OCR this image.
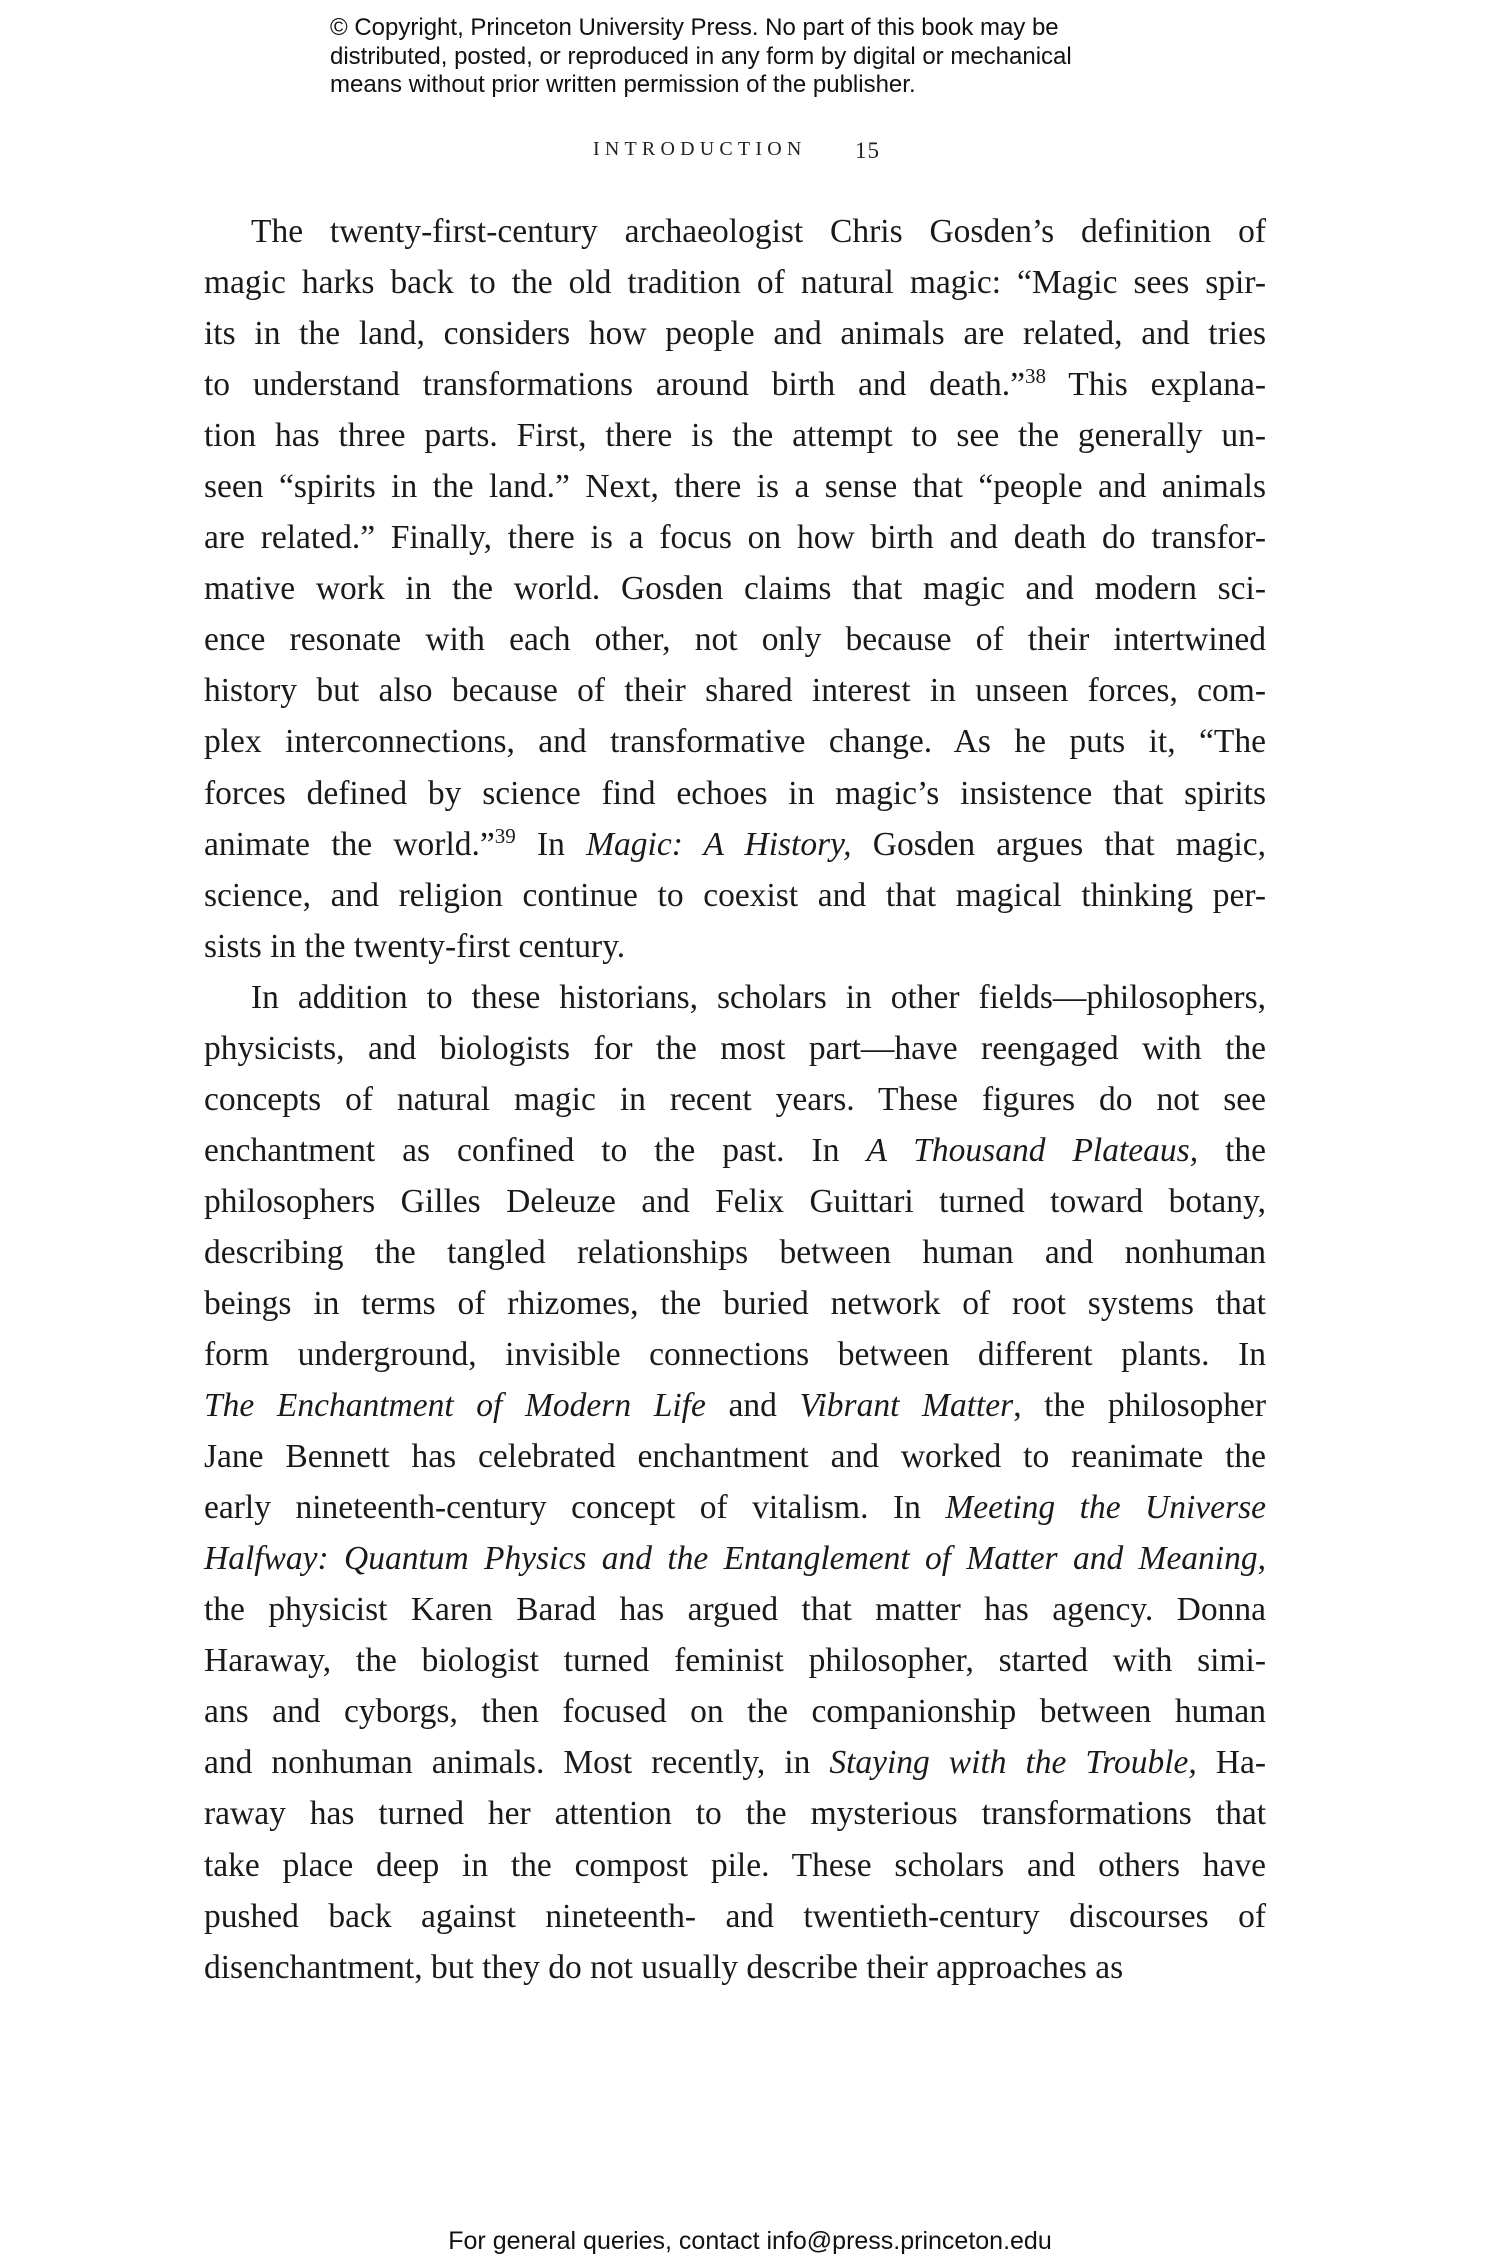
© Copyright, Princeton University Press. No part of this book may be
distributed, posted, or reproduced in any form by digital or mechanical
means without prior written permission of the publisher.
INTRODUCTION 15
The twenty-first-century archaeologist Chris Gosden’s definition of
magic harks back to the old tradition of natural magic: “Magic sees spir-
its in the land, considers how people and animals are related, and tries
to understand transformations around birth and death.”$^{38}$ This explana-
tion has three parts. First, there is the attempt to see the generally un-
seen “spirits in the land.” Next, there is a sense that “people and animals
are related.” Finally, there is a focus on how birth and death do transfor-
mative work in the world. Gosden claims that magic and modern sci-
ence resonate with each other, not only because of their intertwined
history but also because of their shared interest in unseen forces, com-
plex interconnections, and transformative change. As he puts it, “The
forces defined by science find echoes in magic’s insistence that spirits
animate the world.”$^{39}$ In Magic: A History, Gosden argues that magic,
science, and religion continue to coexist and that magical thinking per-
sists in the twenty-first century.
In addition to these historians, scholars in other fields—philosophers,
physicists, and biologists for the most part—have reengaged with the
concepts of natural magic in recent years. These figures do not see
enchantment as confined to the past. In A Thousand Plateaus, the
philosophers Gilles Deleuze and Felix Guittari turned toward botany,
describing the tangled relationships between human and nonhuman
beings in terms of rhizomes, the buried network of root systems that
form underground, invisible connections between different plants. In
The Enchantment of Modern Life and Vibrant Matter, the philosopher
Jane Bennett has celebrated enchantment and worked to reanimate the
early nineteenth-century concept of vitalism. In Meeting the Universe
Halfway: Quantum Physics and the Entanglement of Matter and Meaning,
the physicist Karen Barad has argued that matter has agency. Donna
Haraway, the biologist turned feminist philosopher, started with simi-
ans and cyborgs, then focused on the companionship between human
and nonhuman animals. Most recently, in Staying with the Trouble, Ha-
raway has turned her attention to the mysterious transformations that
take place deep in the compost pile. These scholars and others have
pushed back against nineteenth- and twentieth-century discourses of
disenchantment, but they do not usually describe their approaches as
For general queries, contact info@press.princeton.edu
